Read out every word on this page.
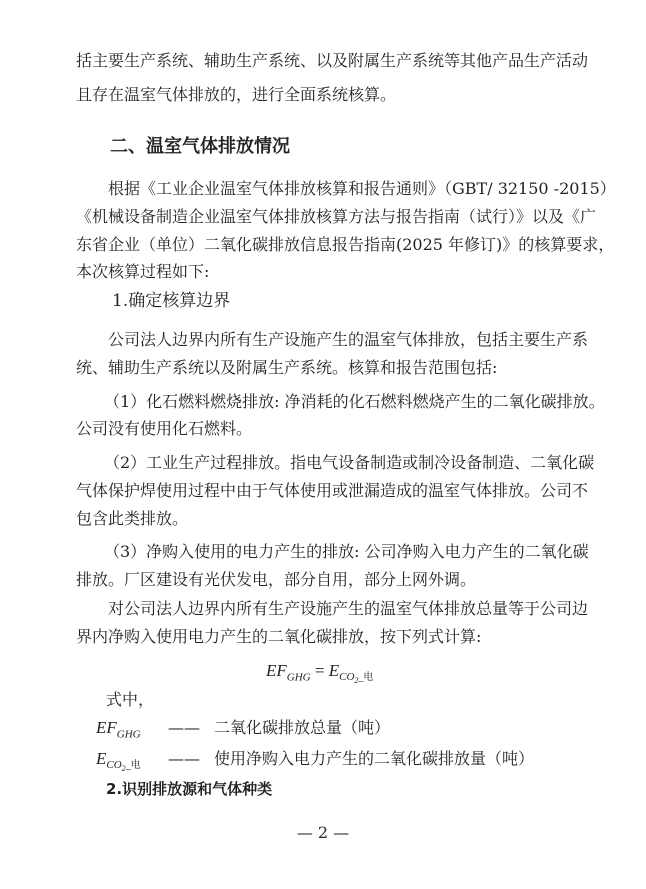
括主要生产系统、辅助生产系统、以及附属生产系统等其他产品生产活动
且存在温室气体排放的，进行全面系统核算。
二、温室气体排放情况
根据《工业企业温室气体排放核算和报告通则》（GBT/ 32150 -2015）
《机械设备制造企业温室气体排放核算方法与报告指南（试行）》以及《广
东省企业（单位）二氧化碳排放信息报告指南(2025 年修订)》的核算要求，
本次核算过程如下:
1.确定核算边界
公司法人边界内所有生产设施产生的温室气体排放，包括主要生产系
统、辅助生产系统以及附属生产系统。核算和报告范围包括:
（1）化石燃料燃烧排放: 净消耗的化石燃料燃烧产生的二氧化碳排放。
公司没有使用化石燃料。
（2）工业生产过程排放。指电气设备制造或制冷设备制造、二氧化碳
气体保护焊使用过程中由于气体使用或泄漏造成的温室气体排放。公司不
包含此类排放。
（3）净购入使用的电力产生的排放: 公司净购入电力产生的二氧化碳
排放。厂区建设有光伏发电，部分自用，部分上网外调。
对公司法人边界内所有生产设施产生的温室气体排放总量等于公司边
界内净购入使用电力产生的二氧化碳排放，按下列式计算:
$EF_{GHG} = E_{CO_2\_电}$
式中，
$EF_{GHG}$ —— 二氧化碳排放总量（吨）
$E_{CO_2\_电}$ —— 使用净购入电力产生的二氧化碳排放量（吨）
2.识别排放源和气体种类
— 2 —
